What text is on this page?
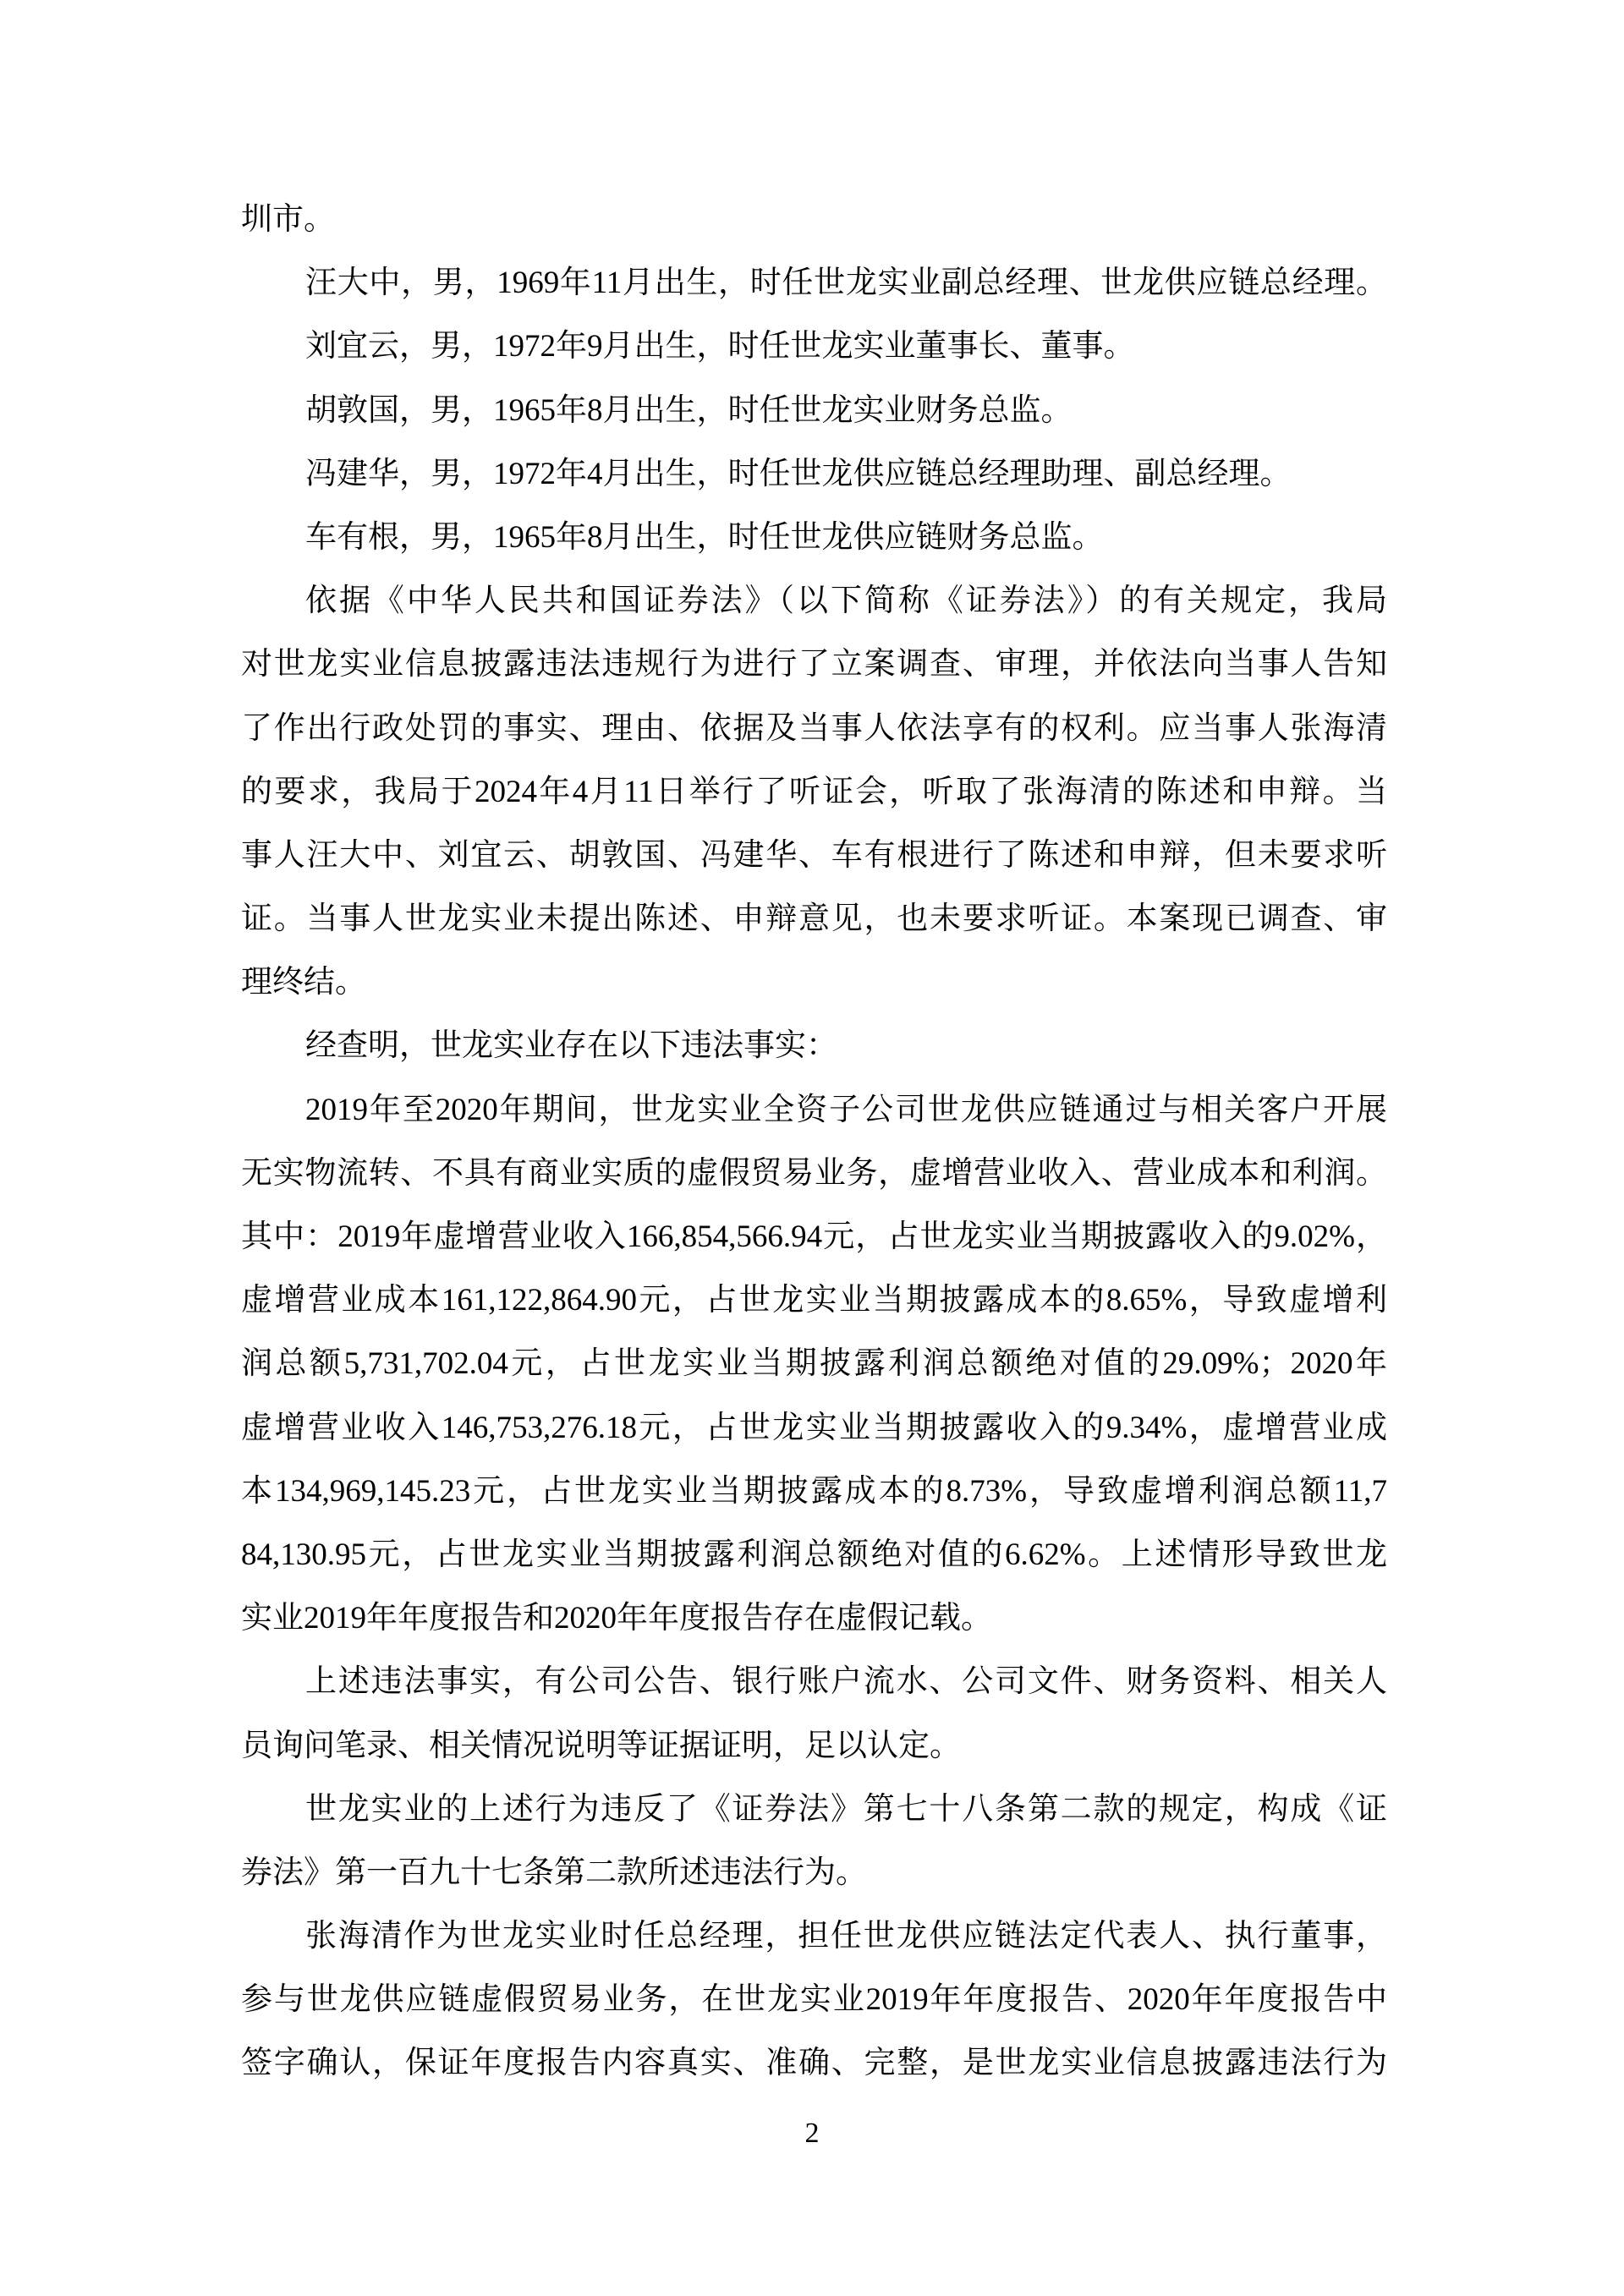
圳市。
汪大中，男，1969年11月出生，时任世龙实业副总经理、世龙供应链总经理。
刘宜云，男，1972年9月出生，时任世龙实业董事长、董事。
胡敦国，男，1965年8月出生，时任世龙实业财务总监。
冯建华，男，1972年4月出生，时任世龙供应链总经理助理、副总经理。
车有根，男，1965年8月出生，时任世龙供应链财务总监。
依据《中华人民共和国证券法》（以下简称《证券法》）的有关规定，我局
对世龙实业信息披露违法违规行为进行了立案调查、审理，并依法向当事人告知
了作出行政处罚的事实、理由、依据及当事人依法享有的权利。应当事人张海清
的要求，我局于2024年4月11日举行了听证会，听取了张海清的陈述和申辩。当
事人汪大中、刘宜云、胡敦国、冯建华、车有根进行了陈述和申辩，但未要求听
证。当事人世龙实业未提出陈述、申辩意见，也未要求听证。本案现已调查、审
理终结。
经查明，世龙实业存在以下违法事实：
2019年至2020年期间，世龙实业全资子公司世龙供应链通过与相关客户开展
无实物流转、不具有商业实质的虚假贸易业务，虚增营业收入、营业成本和利润。
其中：2019年虚增营业收入166,854,566.94元，占世龙实业当期披露收入的9.02%，
虚增营业成本161,122,864.90元，占世龙实业当期披露成本的8.65%，导致虚增利
润总额5,731,702.04元，占世龙实业当期披露利润总额绝对值的29.09%；2020年
虚增营业收入146,753,276.18元，占世龙实业当期披露收入的9.34%，虚增营业成
本134,969,145.23元，占世龙实业当期披露成本的8.73%，导致虚增利润总额11,7
84,130.95元，占世龙实业当期披露利润总额绝对值的6.62%。上述情形导致世龙
实业2019年年度报告和2020年年度报告存在虚假记载。
上述违法事实，有公司公告、银行账户流水、公司文件、财务资料、相关人
员询问笔录、相关情况说明等证据证明，足以认定。
世龙实业的上述行为违反了《证券法》第七十八条第二款的规定，构成《证
券法》第一百九十七条第二款所述违法行为。
张海清作为世龙实业时任总经理，担任世龙供应链法定代表人、执行董事，
参与世龙供应链虚假贸易业务，在世龙实业2019年年度报告、2020年年度报告中
签字确认，保证年度报告内容真实、准确、完整，是世龙实业信息披露违法行为
2
